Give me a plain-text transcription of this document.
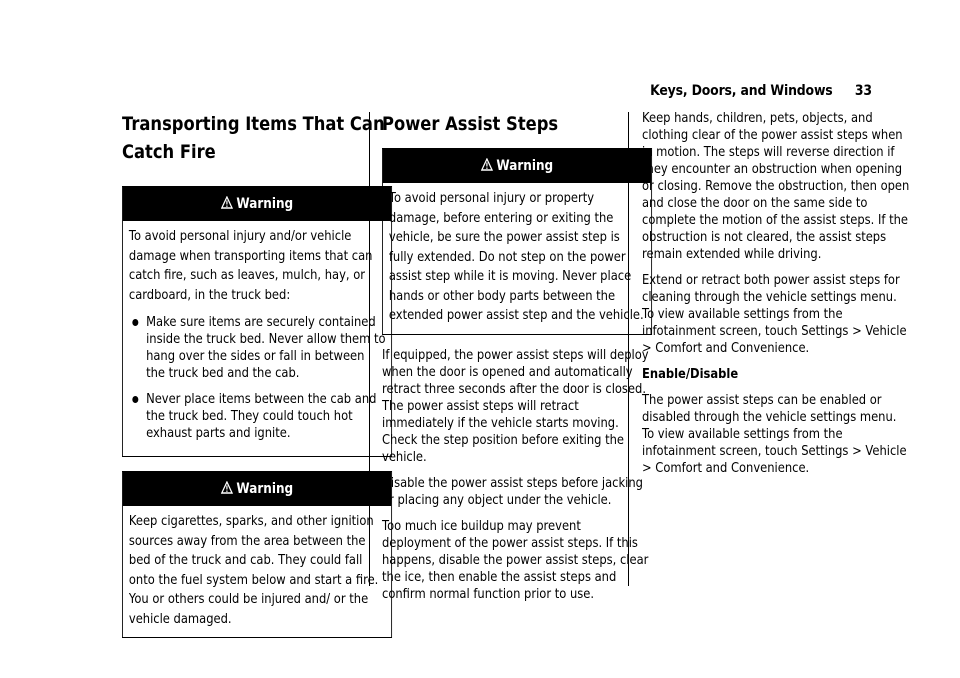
Keys, Doors, and Windows 33
Transporting Items That Can Catch Fire
Warning

To avoid personal injury and/or vehicle damage when transporting items that can catch fire, such as leaves, mulch, hay, or cardboard, in the truck bed:

Make sure items are securely contained inside the truck bed. Never allow them to hang over the sides or fall in between the truck bed and the cab.
Never place items between the cab and the truck bed. They could touch hot exhaust parts and ignite.
Warning

Keep cigarettes, sparks, and other ignition sources away from the area between the bed of the truck and cab. They could fall onto the fuel system below and start a fire. You or others could be injured and/ or the vehicle damaged.

Power Assist Steps
Warning

To avoid personal injury or property damage, before entering or exiting the vehicle, be sure the power assist step is fully extended. Do not step on the power assist step while it is moving. Never place hands or other body parts between the extended power assist step and the vehicle.

If equipped, the power assist steps will deploy when the door is opened and automatically retract three seconds after the door is closed. The power assist steps will retract immediately if the vehicle starts moving. Check the step position before exiting the vehicle.

Disable the power assist steps before jacking or placing any object under the vehicle.

Too much ice buildup may prevent deployment of the power assist steps. If this happens, disable the power assist steps, clear the ice, then enable the assist steps and confirm normal function prior to use.

Keep hands, children, pets, objects, and clothing clear of the power assist steps when in motion. The steps will reverse direction if they encounter an obstruction when opening or closing. Remove the obstruction, then open and close the door on the same side to complete the motion of the assist steps. If the obstruction is not cleared, the assist steps remain extended while driving.

Extend or retract both power assist steps for cleaning through the vehicle settings menu. To view available settings from the infotainment screen, touch Settings > Vehicle > Comfort and Convenience.

Enable/Disable

The power assist steps can be enabled or disabled through the vehicle settings menu. To view available settings from the infotainment screen, touch Settings > Vehicle > Comfort and Convenience.
